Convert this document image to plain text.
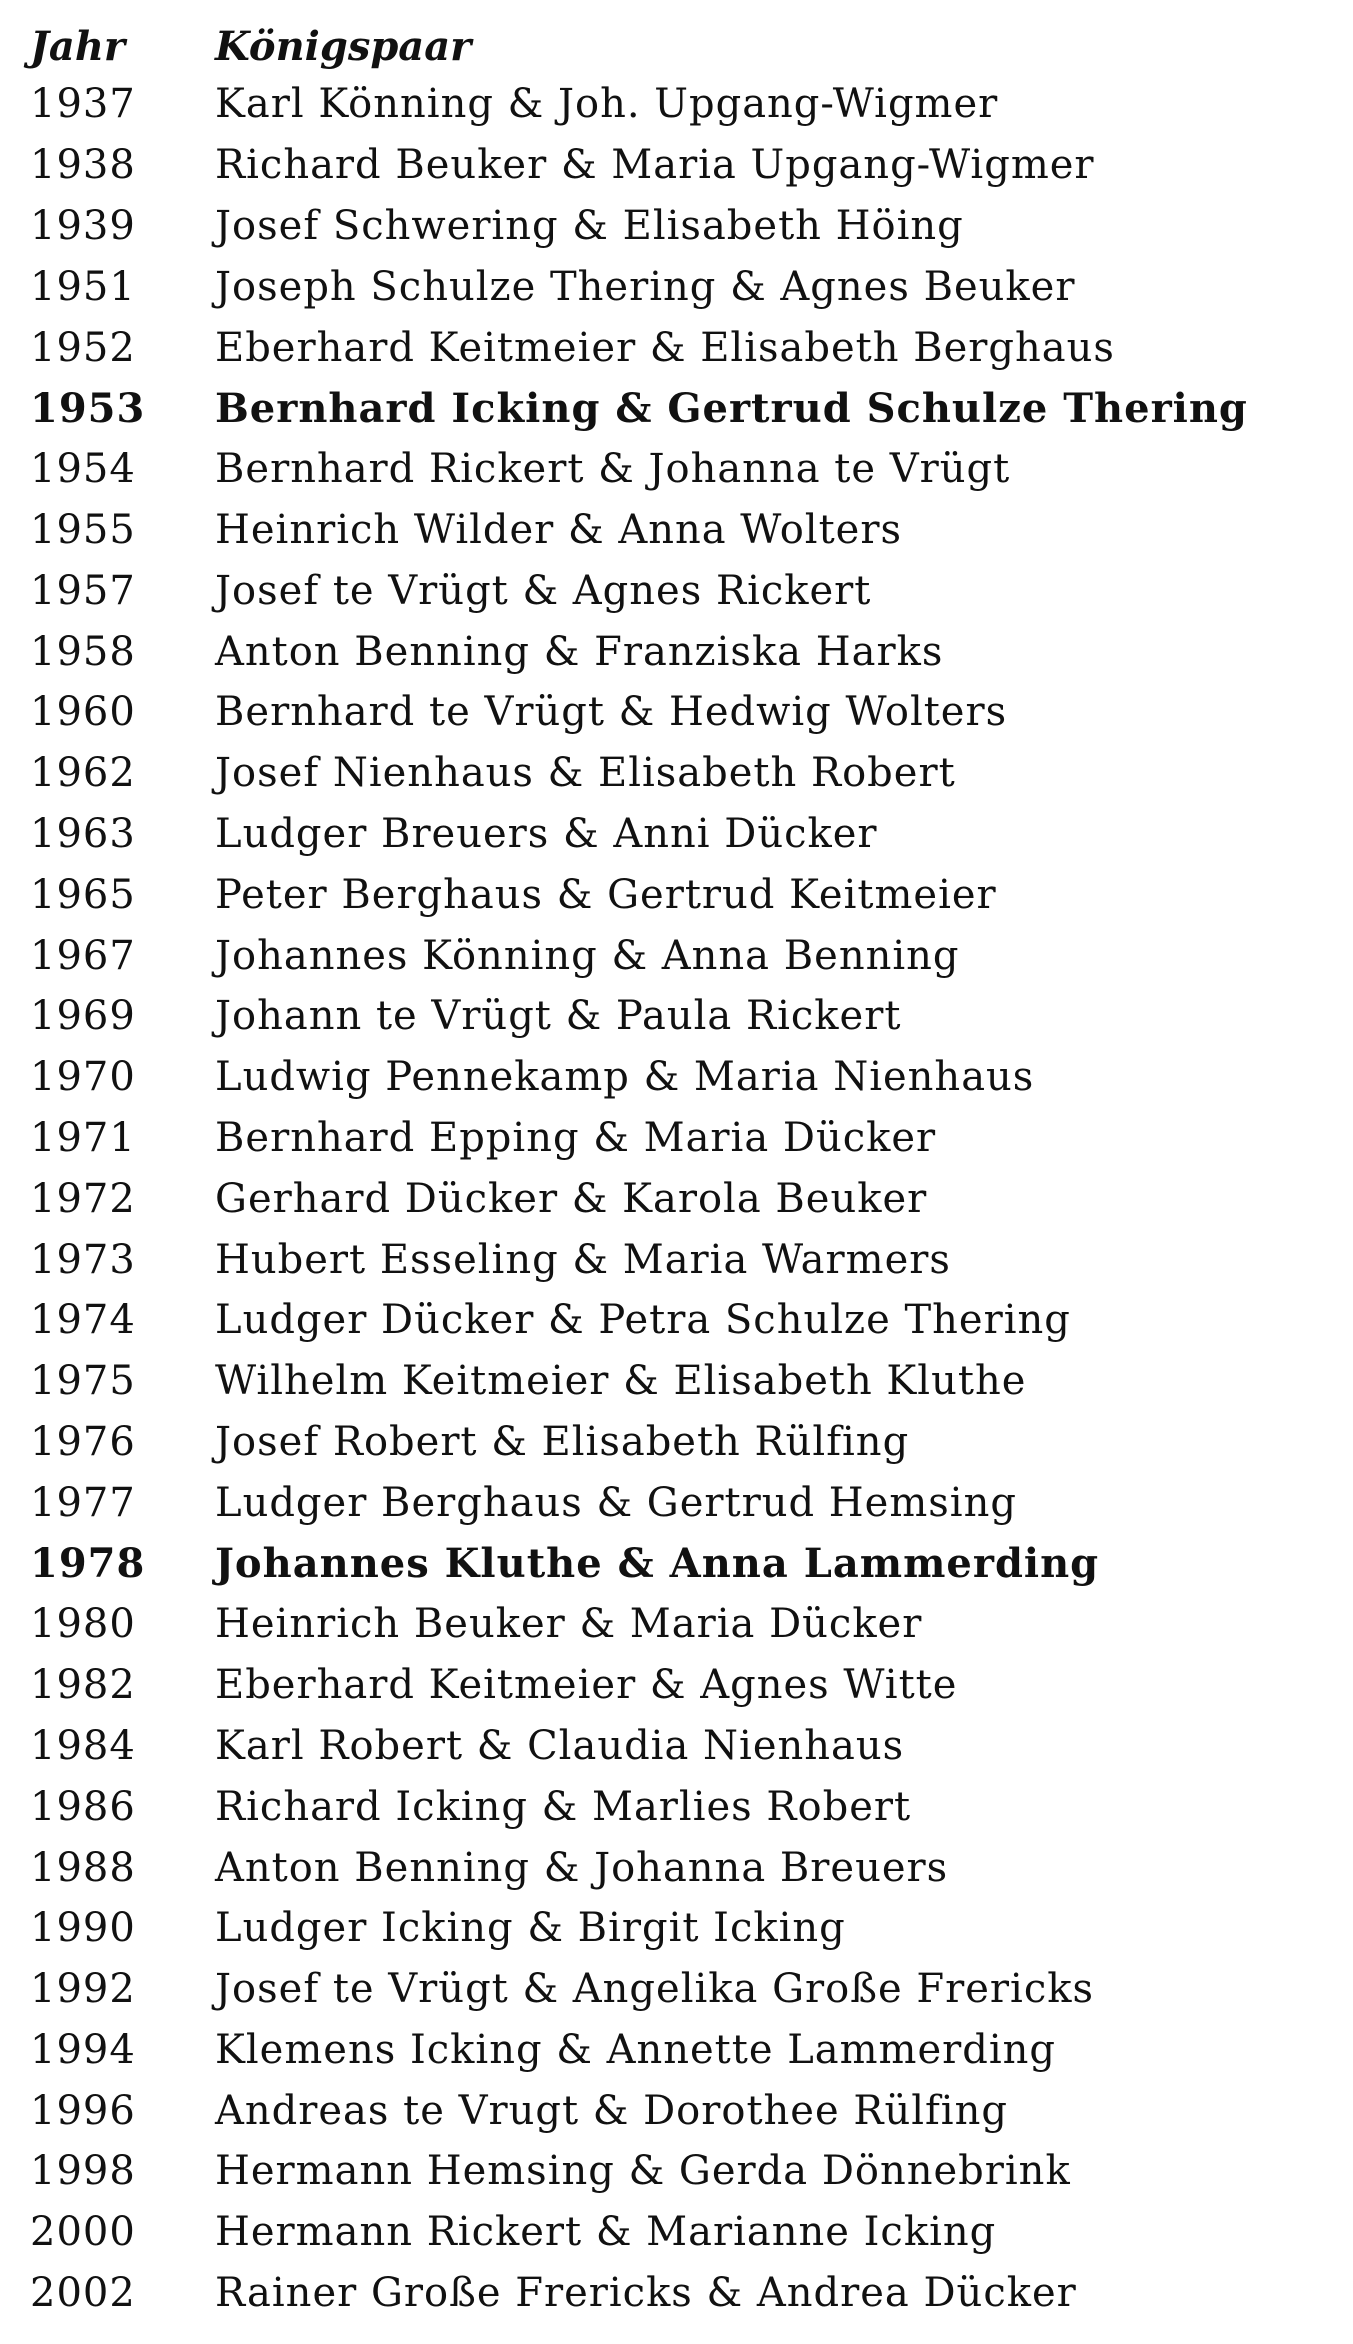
Jahr	Königspaar
1937	Karl Könning & Joh. Upgang-Wigmer
1938	Richard Beuker & Maria Upgang-Wigmer
1939	Josef Schwering & Elisabeth Höing
1951	Joseph Schulze Thering & Agnes Beuker
1952	Eberhard Keitmeier & Elisabeth Berghaus
1953	Bernhard Icking & Gertrud Schulze Thering
1954	Bernhard Rickert & Johanna te Vrügt
1955	Heinrich Wilder & Anna Wolters
1957	Josef te Vrügt & Agnes Rickert
1958	Anton Benning & Franziska Harks
1960	Bernhard te Vrügt & Hedwig Wolters
1962	Josef Nienhaus & Elisabeth Robert
1963	Ludger Breuers & Anni Dücker
1965	Peter Berghaus & Gertrud Keitmeier
1967	Johannes Könning & Anna Benning
1969	Johann te Vrügt & Paula Rickert
1970	Ludwig Pennekamp & Maria Nienhaus
1971	Bernhard Epping & Maria Dücker
1972	Gerhard Dücker & Karola Beuker
1973	Hubert Esseling & Maria Warmers
1974	Ludger Dücker & Petra Schulze Thering
1975	Wilhelm Keitmeier & Elisabeth Kluthe
1976	Josef Robert & Elisabeth Rülfing
1977	Ludger Berghaus & Gertrud Hemsing
1978	Johannes Kluthe & Anna Lammerding
1980	Heinrich Beuker & Maria Dücker
1982	Eberhard Keitmeier & Agnes Witte
1984	Karl Robert & Claudia Nienhaus
1986	Richard Icking & Marlies Robert
1988	Anton Benning & Johanna Breuers
1990	Ludger Icking & Birgit Icking
1992	Josef te Vrügt & Angelika Große Frericks
1994	Klemens Icking & Annette Lammerding
1996	Andreas te Vrugt & Dorothee Rülfing
1998	Hermann Hemsing & Gerda Dönnebrink
2000	Hermann Rickert & Marianne Icking
2002	Rainer Große Frericks & Andrea Dücker
